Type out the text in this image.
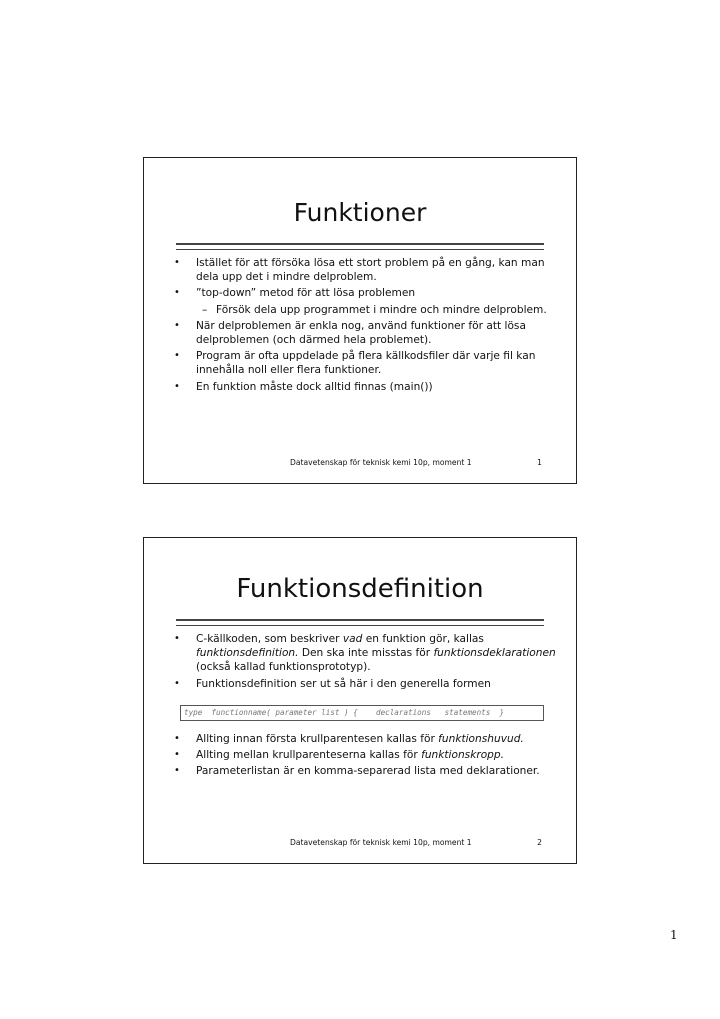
Funktioner
• Istället för att försöka lösa ett stort problem på en gång, kan man dela upp det i mindre delproblem.
• ”top-down” metod för att lösa problemen
– Försök dela upp programmet i mindre och mindre delproblem.
• När delproblemen är enkla nog, använd funktioner för att lösa delproblemen (och därmed hela problemet).
• Program är ofta uppdelade på flera källkodsfiler där varje fil kan innehålla noll eller flera funktioner.
• En funktion måste dock alltid finnas (main())
Datavetenskap för teknisk kemi 10p, moment 1	1
Funktionsdefinition
• C-källkoden, som beskriver vad en funktion gör, kallas funktionsdefinition. Den ska inte misstas för funktionsdeklarationen (också kallad funktionsprototyp).
• Funktionsdefinition ser ut så här i den generella formen
type  functionname( parameter list ) {    declarations   statements  }
• Allting innan första krullparentesen kallas för funktionshuvud.
• Allting mellan krullparenteserna kallas för funktionskropp.
• Parameterlistan är en komma-separerad lista med deklarationer.
Datavetenskap för teknisk kemi 10p, moment 1	2
1
